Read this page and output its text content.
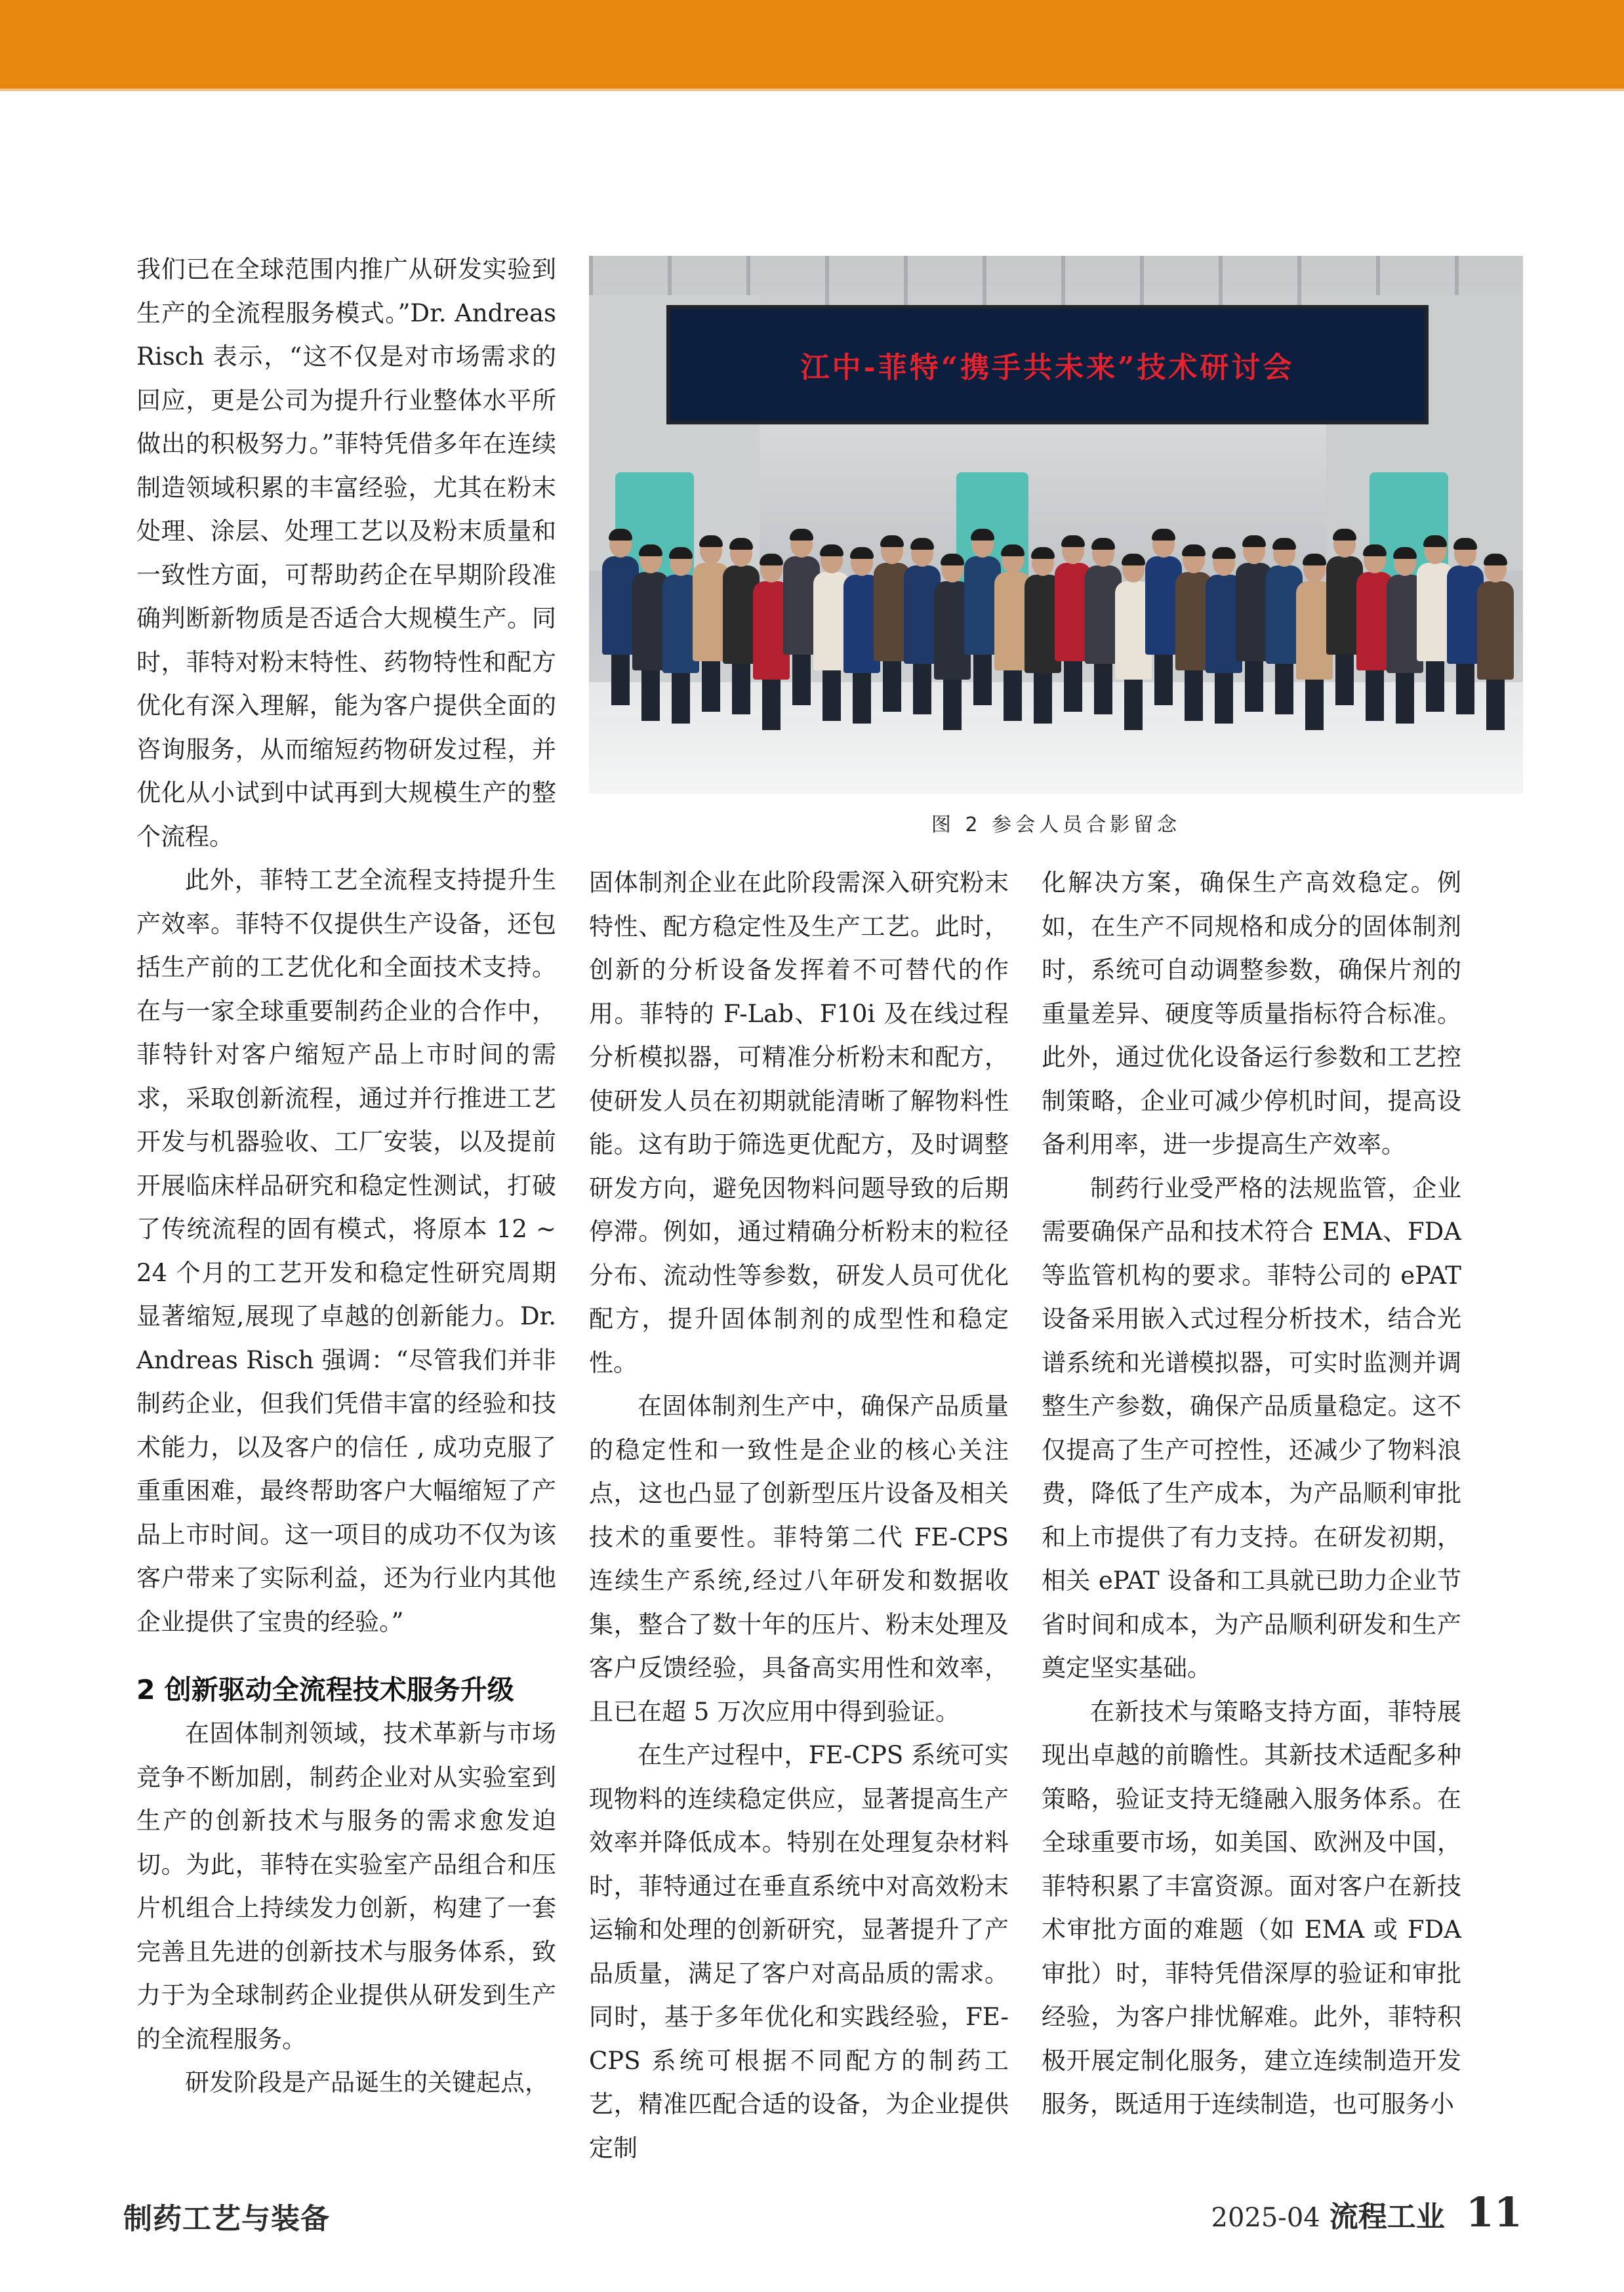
我们已在全球范围内推广从研发实验到生产的全流程服务模式。”Dr. Andreas Risch 表示，“这不仅是对市场需求的回应，更是公司为提升行业整体水平所做出的积极努力。”菲特凭借多年在连续制造领域积累的丰富经验，尤其在粉末处理、涂层、处理工艺以及粉末质量和一致性方面，可帮助药企在早期阶段准确判断新物质是否适合大规模生产。同时，菲特对粉末特性、药物特性和配方优化有深入理解，能为客户提供全面的咨询服务，从而缩短药物研发过程，并优化从小试到中试再到大规模生产的整个流程。

此外，菲特工艺全流程支持提升生产效率。菲特不仅提供生产设备，还包括生产前的工艺优化和全面技术支持。在与一家全球重要制药企业的合作中，菲特针对客户缩短产品上市时间的需求，采取创新流程，通过并行推进工艺开发与机器验收、工厂安装，以及提前开展临床样品研究和稳定性测试，打破了传统流程的固有模式，将原本 12 ~ 24 个月的工艺开发和稳定性研究周期显著缩短,展现了卓越的创新能力。Dr. Andreas Risch 强调：“尽管我们并非制药企业，但我们凭借丰富的经验和技术能力，以及客户的信任 , 成功克服了重重困难，最终帮助客户大幅缩短了产品上市时间。这一项目的成功不仅为该客户带来了实际利益，还为行业内其他企业提供了宝贵的经验。”

2 创新驱动全流程技术服务升级

在固体制剂领域，技术革新与市场竞争不断加剧，制药企业对从实验室到生产的创新技术与服务的需求愈发迫切。为此，菲特在实验室产品组合和压片机组合上持续发力创新，构建了一套完善且先进的创新技术与服务体系，致力于为全球制药企业提供从研发到生产的全流程服务。

研发阶段是产品诞生的关键起点，

江中-菲特“携手共未来”技术研讨会
图 2 参会人员合影留念

固体制剂企业在此阶段需深入研究粉末特性、配方稳定性及生产工艺。此时，创新的分析设备发挥着不可替代的作用。菲特的 F-Lab、F10i 及在线过程分析模拟器，可精准分析粉末和配方，使研发人员在初期就能清晰了解物料性能。这有助于筛选更优配方，及时调整研发方向，避免因物料问题导致的后期停滞。例如，通过精确分析粉末的粒径分布、流动性等参数，研发人员可优化配方，提升固体制剂的成型性和稳定性。

在固体制剂生产中，确保产品质量的稳定性和一致性是企业的核心关注点，这也凸显了创新型压片设备及相关技术的重要性。菲特第二代 FE-CPS 连续生产系统,经过八年研发和数据收集，整合了数十年的压片、粉末处理及客户反馈经验，具备高实用性和效率，且已在超 5 万次应用中得到验证。

在生产过程中，FE-CPS 系统可实现物料的连续稳定供应，显著提高生产效率并降低成本。特别在处理复杂材料时，菲特通过在垂直系统中对高效粉末运输和处理的创新研究，显著提升了产品质量，满足了客户对高品质的需求。同时，基于多年优化和实践经验，FE-CPS 系统可根据不同配方的制药工艺，精准匹配合适的设备，为企业提供定制

化解决方案，确保生产高效稳定。例如，在生产不同规格和成分的固体制剂时，系统可自动调整参数，确保片剂的重量差异、硬度等质量指标符合标准。此外，通过优化设备运行参数和工艺控制策略，企业可减少停机时间，提高设备利用率，进一步提高生产效率。

制药行业受严格的法规监管，企业需要确保产品和技术符合 EMA、FDA 等监管机构的要求。菲特公司的 ePAT 设备采用嵌入式过程分析技术，结合光谱系统和光谱模拟器，可实时监测并调整生产参数，确保产品质量稳定。这不仅提高了生产可控性，还减少了物料浪费，降低了生产成本，为产品顺利审批和上市提供了有力支持。在研发初期，相关 ePAT 设备和工具就已助力企业节省时间和成本，为产品顺利研发和生产奠定坚实基础。

在新技术与策略支持方面，菲特展现出卓越的前瞻性。其新技术适配多种策略，验证支持无缝融入服务体系。在全球重要市场，如美国、欧洲及中国，菲特积累了丰富资源。面对客户在新技术审批方面的难题（如 EMA 或 FDA 审批）时，菲特凭借深厚的验证和审批经验，为客户排忧解难。此外，菲特积极开展定制化服务，建立连续制造开发服务，既适用于连续制造，也可服务小

制药工艺与装备	2025-04 流程工业 11
